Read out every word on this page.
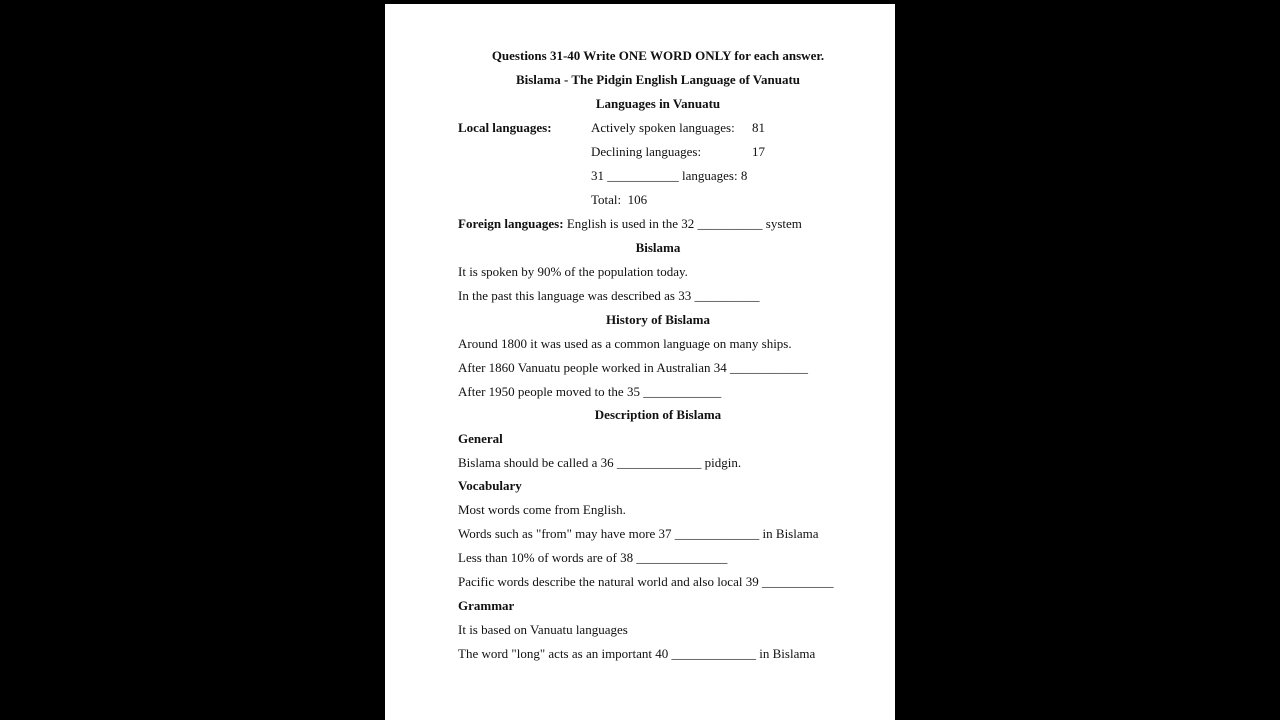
Questions 31-40 Write ONE WORD ONLY for each answer.
Bislama - The Pidgin English Language of Vanuatu
Languages in Vanuatu
Local languages:	Actively spoken languages: 81
Declining languages:	17
31 ___________ languages: 8
Total:  106
Foreign languages: English is used in the 32 __________ system
Bislama
It is spoken by 90% of the population today.
In the past this language was described as 33 __________
History of Bislama
Around 1800 it was used as a common language on many ships.
After 1860 Vanuatu people worked in Australian 34 ____________
After 1950 people moved to the 35 ____________
Description of Bislama
General
Bislama should be called a 36 _____________ pidgin.
Vocabulary
Most words come from English.
Words such as "from" may have more 37 _____________ in Bislama
Less than 10% of words are of 38 ______________
Pacific words describe the natural world and also local 39 ___________
Grammar
It is based on Vanuatu languages
The word "long" acts as an important 40 _____________ in Bislama
